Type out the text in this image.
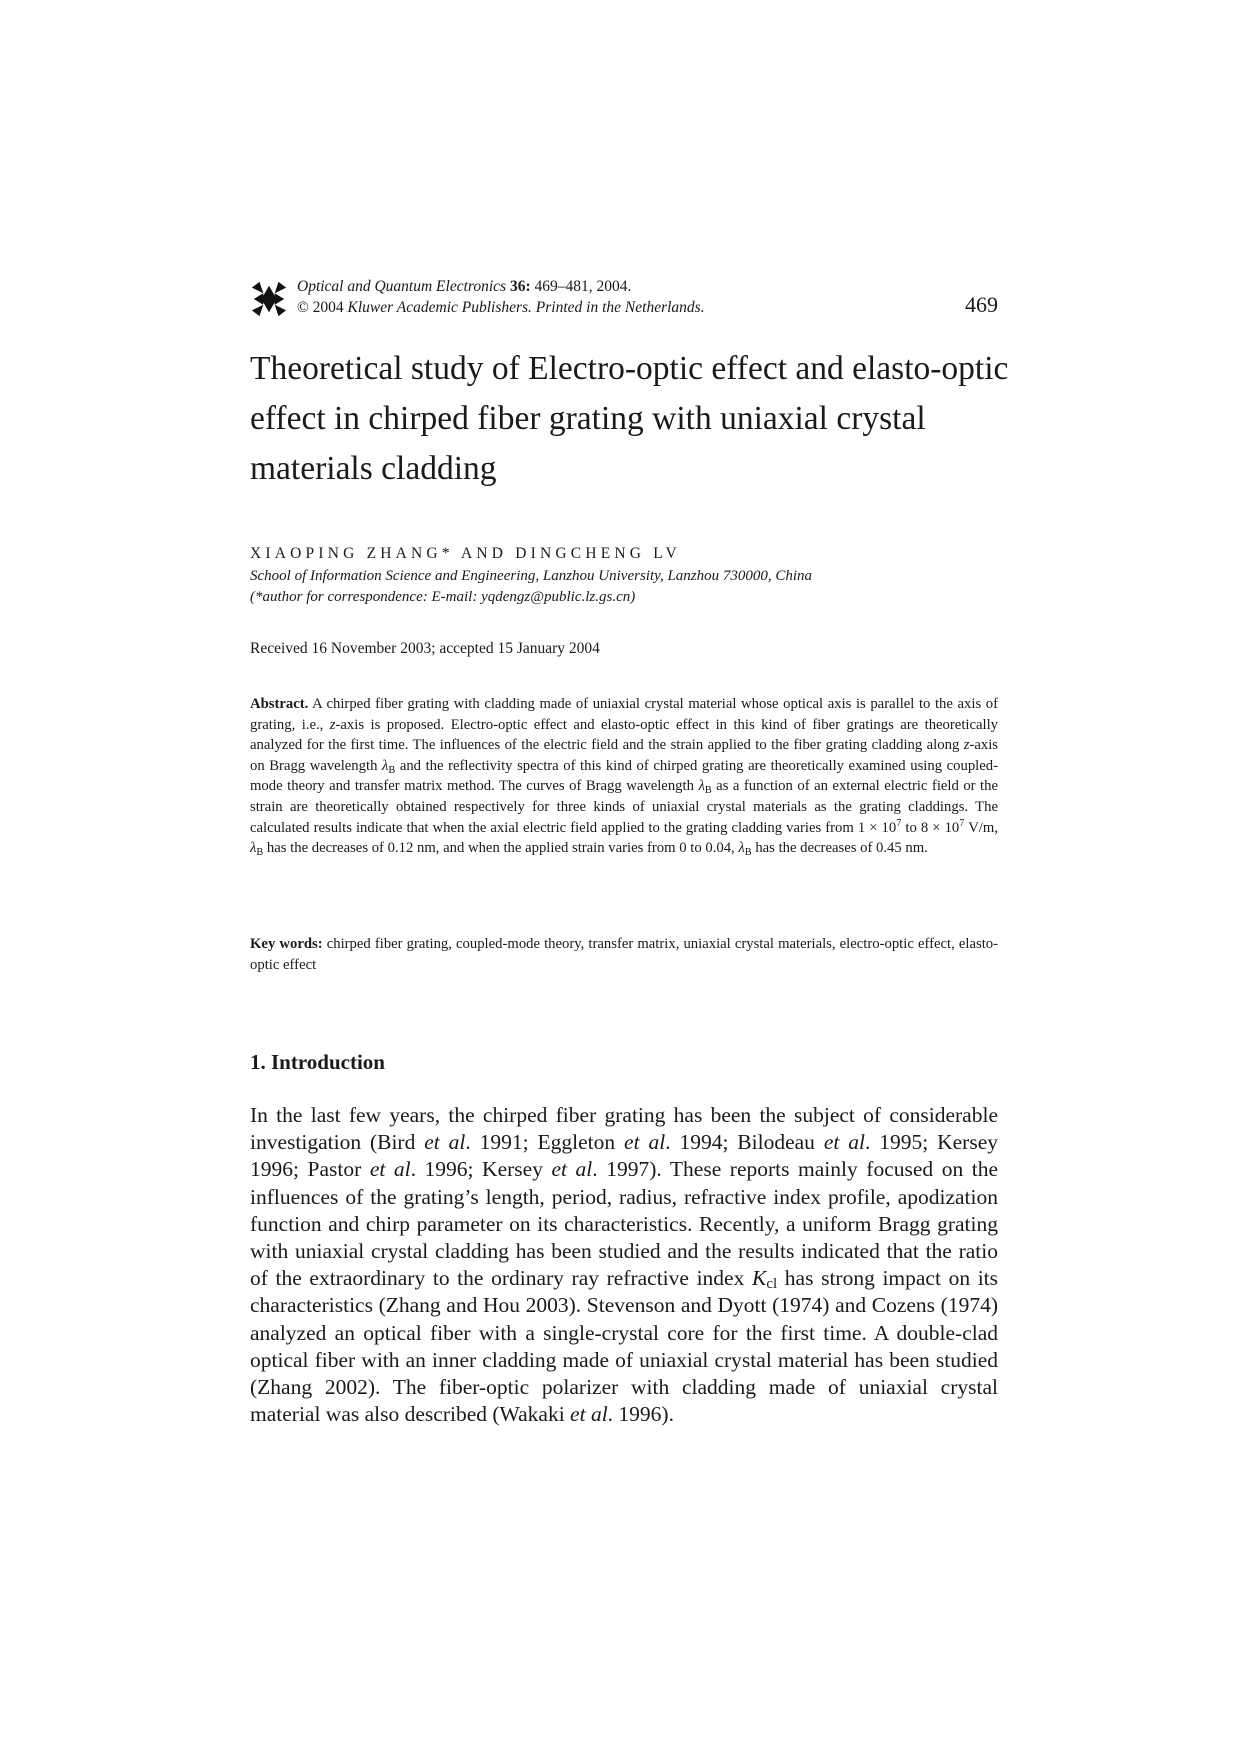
Optical and Quantum Electronics 36: 469–481, 2004.
© 2004 Kluwer Academic Publishers. Printed in the Netherlands.	469
Theoretical study of Electro-optic effect and elasto-optic effect in chirped fiber grating with uniaxial crystal materials cladding
XIAOPING ZHANG* AND DINGCHENG LV
School of Information Science and Engineering, Lanzhou University, Lanzhou 730000, China
(*author for correspondence: E-mail: yqdengz@public.lz.gs.cn)
Received 16 November 2003; accepted 15 January 2004
Abstract. A chirped fiber grating with cladding made of uniaxial crystal material whose optical axis is parallel to the axis of grating, i.e., z-axis is proposed. Electro-optic effect and elasto-optic effect in this kind of fiber gratings are theoretically analyzed for the first time. The influences of the electric field and the strain applied to the fiber grating cladding along z-axis on Bragg wavelength $\lambda_B$ and the reflectivity spectra of this kind of chirped grating are theoretically examined using coupled-mode theory and transfer matrix method. The curves of Bragg wavelength $\lambda_B$ as a function of an external electric field or the strain are theoretically obtained respectively for three kinds of uniaxial crystal materials as the grating claddings. The calculated results indicate that when the axial electric field applied to the grating cladding varies from $1 \times 10^7$ to $8 \times 10^7$ V/m, $\lambda_B$ has the decreases of 0.12 nm, and when the applied strain varies from 0 to 0.04, $\lambda_B$ has the decreases of 0.45 nm.
Key words: chirped fiber grating, coupled-mode theory, transfer matrix, uniaxial crystal materials, electro-optic effect, elasto-optic effect
1. Introduction
In the last few years, the chirped fiber grating has been the subject of considerable investigation (Bird et al. 1991; Eggleton et al. 1994; Bilodeau et al. 1995; Kersey 1996; Pastor et al. 1996; Kersey et al. 1997). These reports mainly focused on the influences of the grating’s length, period, radius, refractive index profile, apodization function and chirp parameter on its characteristics. Recently, a uniform Bragg grating with uniaxial crystal cladding has been studied and the results indicated that the ratio of the extraordinary to the ordinary ray refractive index $K_{cl}$ has strong impact on its characteristics (Zhang and Hou 2003). Stevenson and Dyott (1974) and Cozens (1974) analyzed an optical fiber with a single-crystal core for the first time. A double-clad optical fiber with an inner cladding made of uniaxial crystal material has been studied (Zhang 2002). The fiber-optic polarizer with cladding made of uniaxial crystal material was also described (Wakaki et al. 1996).
